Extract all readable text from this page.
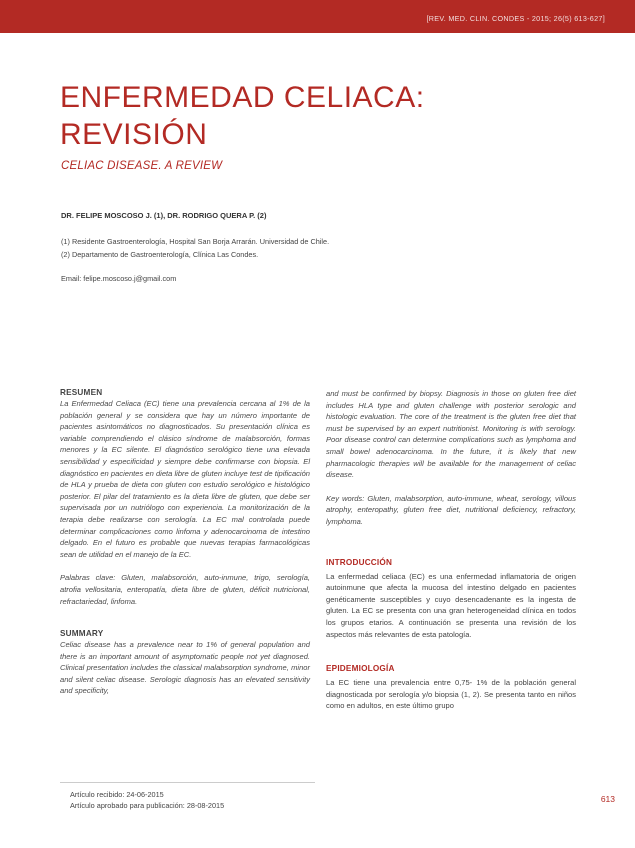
[REV. MED. CLIN. CONDES - 2015; 26(5) 613-627]
ENFERMEDAD CELIACA:
REVISIÓN
CELIAC DISEASE. A REVIEW
DR. FELIPE MOSCOSO J. (1), DR. RODRIGO QUERA P. (2)
(1) Residente Gastroenterología, Hospital San Borja Arrarán. Universidad de Chile.
(2) Departamento de Gastroenterología, Clínica Las Condes.
Email: felipe.moscoso.j@gmail.com
RESUMEN

La Enfermedad Celiaca (EC) tiene una prevalencia cercana al 1% de la población general y se considera que hay un número importante de pacientes asintomáticos no diagnosticados. Su presentación clínica es variable comprendiendo el clásico síndrome de malabsorción, formas menores y la EC silente. El diagnóstico serológico tiene una elevada sensibilidad y especificidad y siempre debe confirmarse con biopsia. El diagnóstico en pacientes en dieta libre de gluten incluye test de tipificación de HLA y prueba de dieta con gluten con estudio serológico e histológico posterior. El pilar del tratamiento es la dieta libre de gluten, que debe ser supervisada por un nutriólogo con experiencia. La monitorización de la terapia debe realizarse con serología. La EC mal controlada puede determinar complicaciones como linfoma y adenocarcinoma de intestino delgado. En el futuro es probable que nuevas terapias farmacológicas sean de utilidad en el manejo de la EC.

Palabras clave: Gluten, malabsorción, auto-inmune, trigo, serología, atrofia vellositaria, enteropatía, dieta libre de gluten, déficit nutricional, refractariedad, linfoma.

SUMMARY

Celiac disease has a prevalence near to 1% of general population and there is an important amount of asymptomatic people not yet diagnosed. Clinical presentation includes the classical malabsorption syndrome, minor and silent celiac disease. Serologic diagnosis has an elevated sensitivity and specificity,

and must be confirmed by biopsy. Diagnosis in those on gluten free diet includes HLA type and gluten challenge with posterior serologic and histologic evaluation. The core of the treatment is the gluten free diet that must be supervised by an expert nutritionist. Monitoring is with serology. Poor disease control can determine complications such as lymphoma and small bowel adenocarcinoma. In the future, it is likely that new pharmacologic therapies will be available for the management of celiac disease.

Key words: Gluten, malabsorption, auto-immune, wheat, serology, villous atrophy, enteropathy, gluten free diet, nutritional deficiency, refractory, lymphoma.

INTRODUCCIÓN

La enfermedad celiaca (EC) es una enfermedad inflamatoria de origen autoinmune que afecta la mucosa del intestino delgado en pacientes genéticamente susceptibles y cuyo desencadenante es la ingesta de gluten. La EC se presenta con una gran heterogeneidad clínica en todos los grupos etarios. A continuación se presenta una revisión de los aspectos más relevantes de esta patología.

EPIDEMIOLOGÍA

La EC tiene una prevalencia entre 0,75- 1% de la población general diagnosticada por serología y/o biopsia (1, 2). Se presenta tanto en niños como en adultos, en este último grupo

Artículo recibido: 24-06-2015
Artículo aprobado para publicación: 28-08-2015
613
